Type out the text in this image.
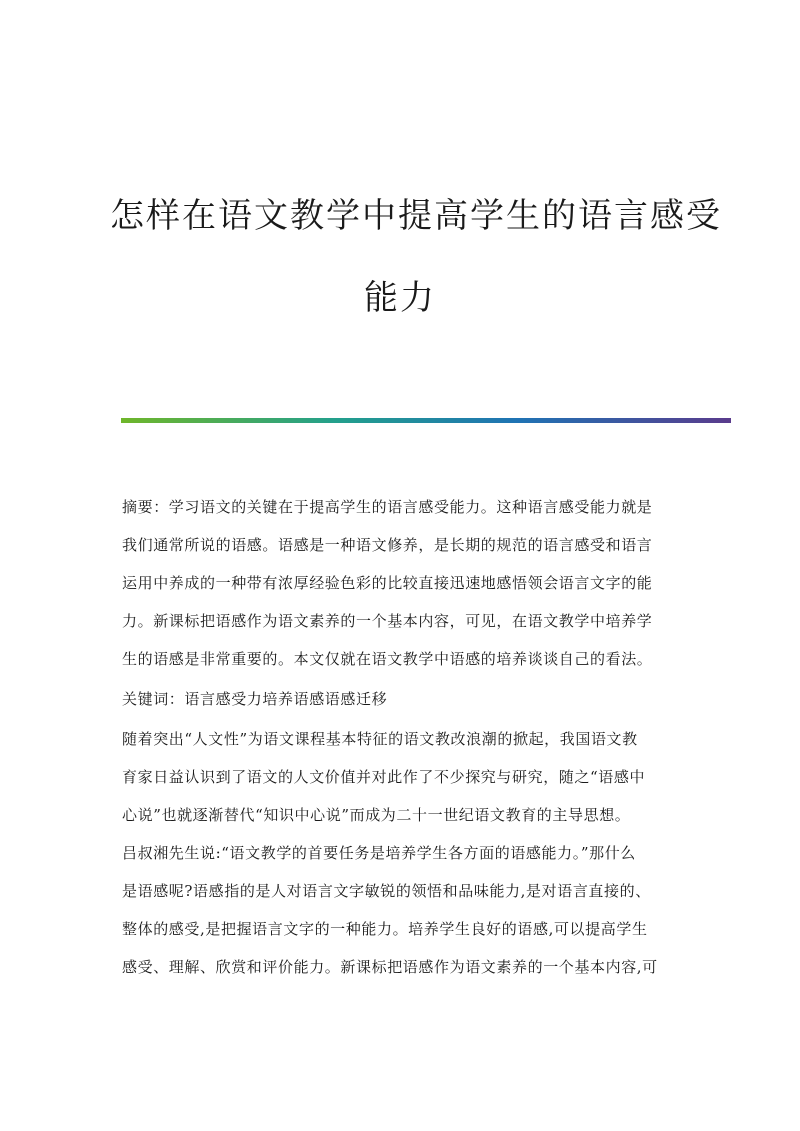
怎样在语文教学中提高学生的语言感受
能力
摘要：学习语文的关键在于提高学生的语言感受能力。这种语言感受能力就是
我们通常所说的语感。语感是一种语文修养，是长期的规范的语言感受和语言
运用中养成的一种带有浓厚经验色彩的比较直接迅速地感悟领会语言文字的能
力。新课标把语感作为语文素养的一个基本内容，可见，在语文教学中培养学
生的语感是非常重要的。本文仅就在语文教学中语感的培养谈谈自己的看法。
关键词：语言感受力培养语感语感迁移
随着突出“人文性”为语文课程基本特征的语文教改浪潮的掀起，我国语文教
育家日益认识到了语文的人文价值并对此作了不少探究与研究，随之“语感中
心说”也就逐渐替代“知识中心说”而成为二十一世纪语文教育的主导思想。
吕叔湘先生说:“语文教学的首要任务是培养学生各方面的语感能力。”那什么
是语感呢?语感指的是人对语言文字敏锐的领悟和品味能力,是对语言直接的、
整体的感受,是把握语言文字的一种能力。培养学生良好的语感,可以提高学生
感受、理解、欣赏和评价能力。新课标把语感作为语文素养的一个基本内容,可
